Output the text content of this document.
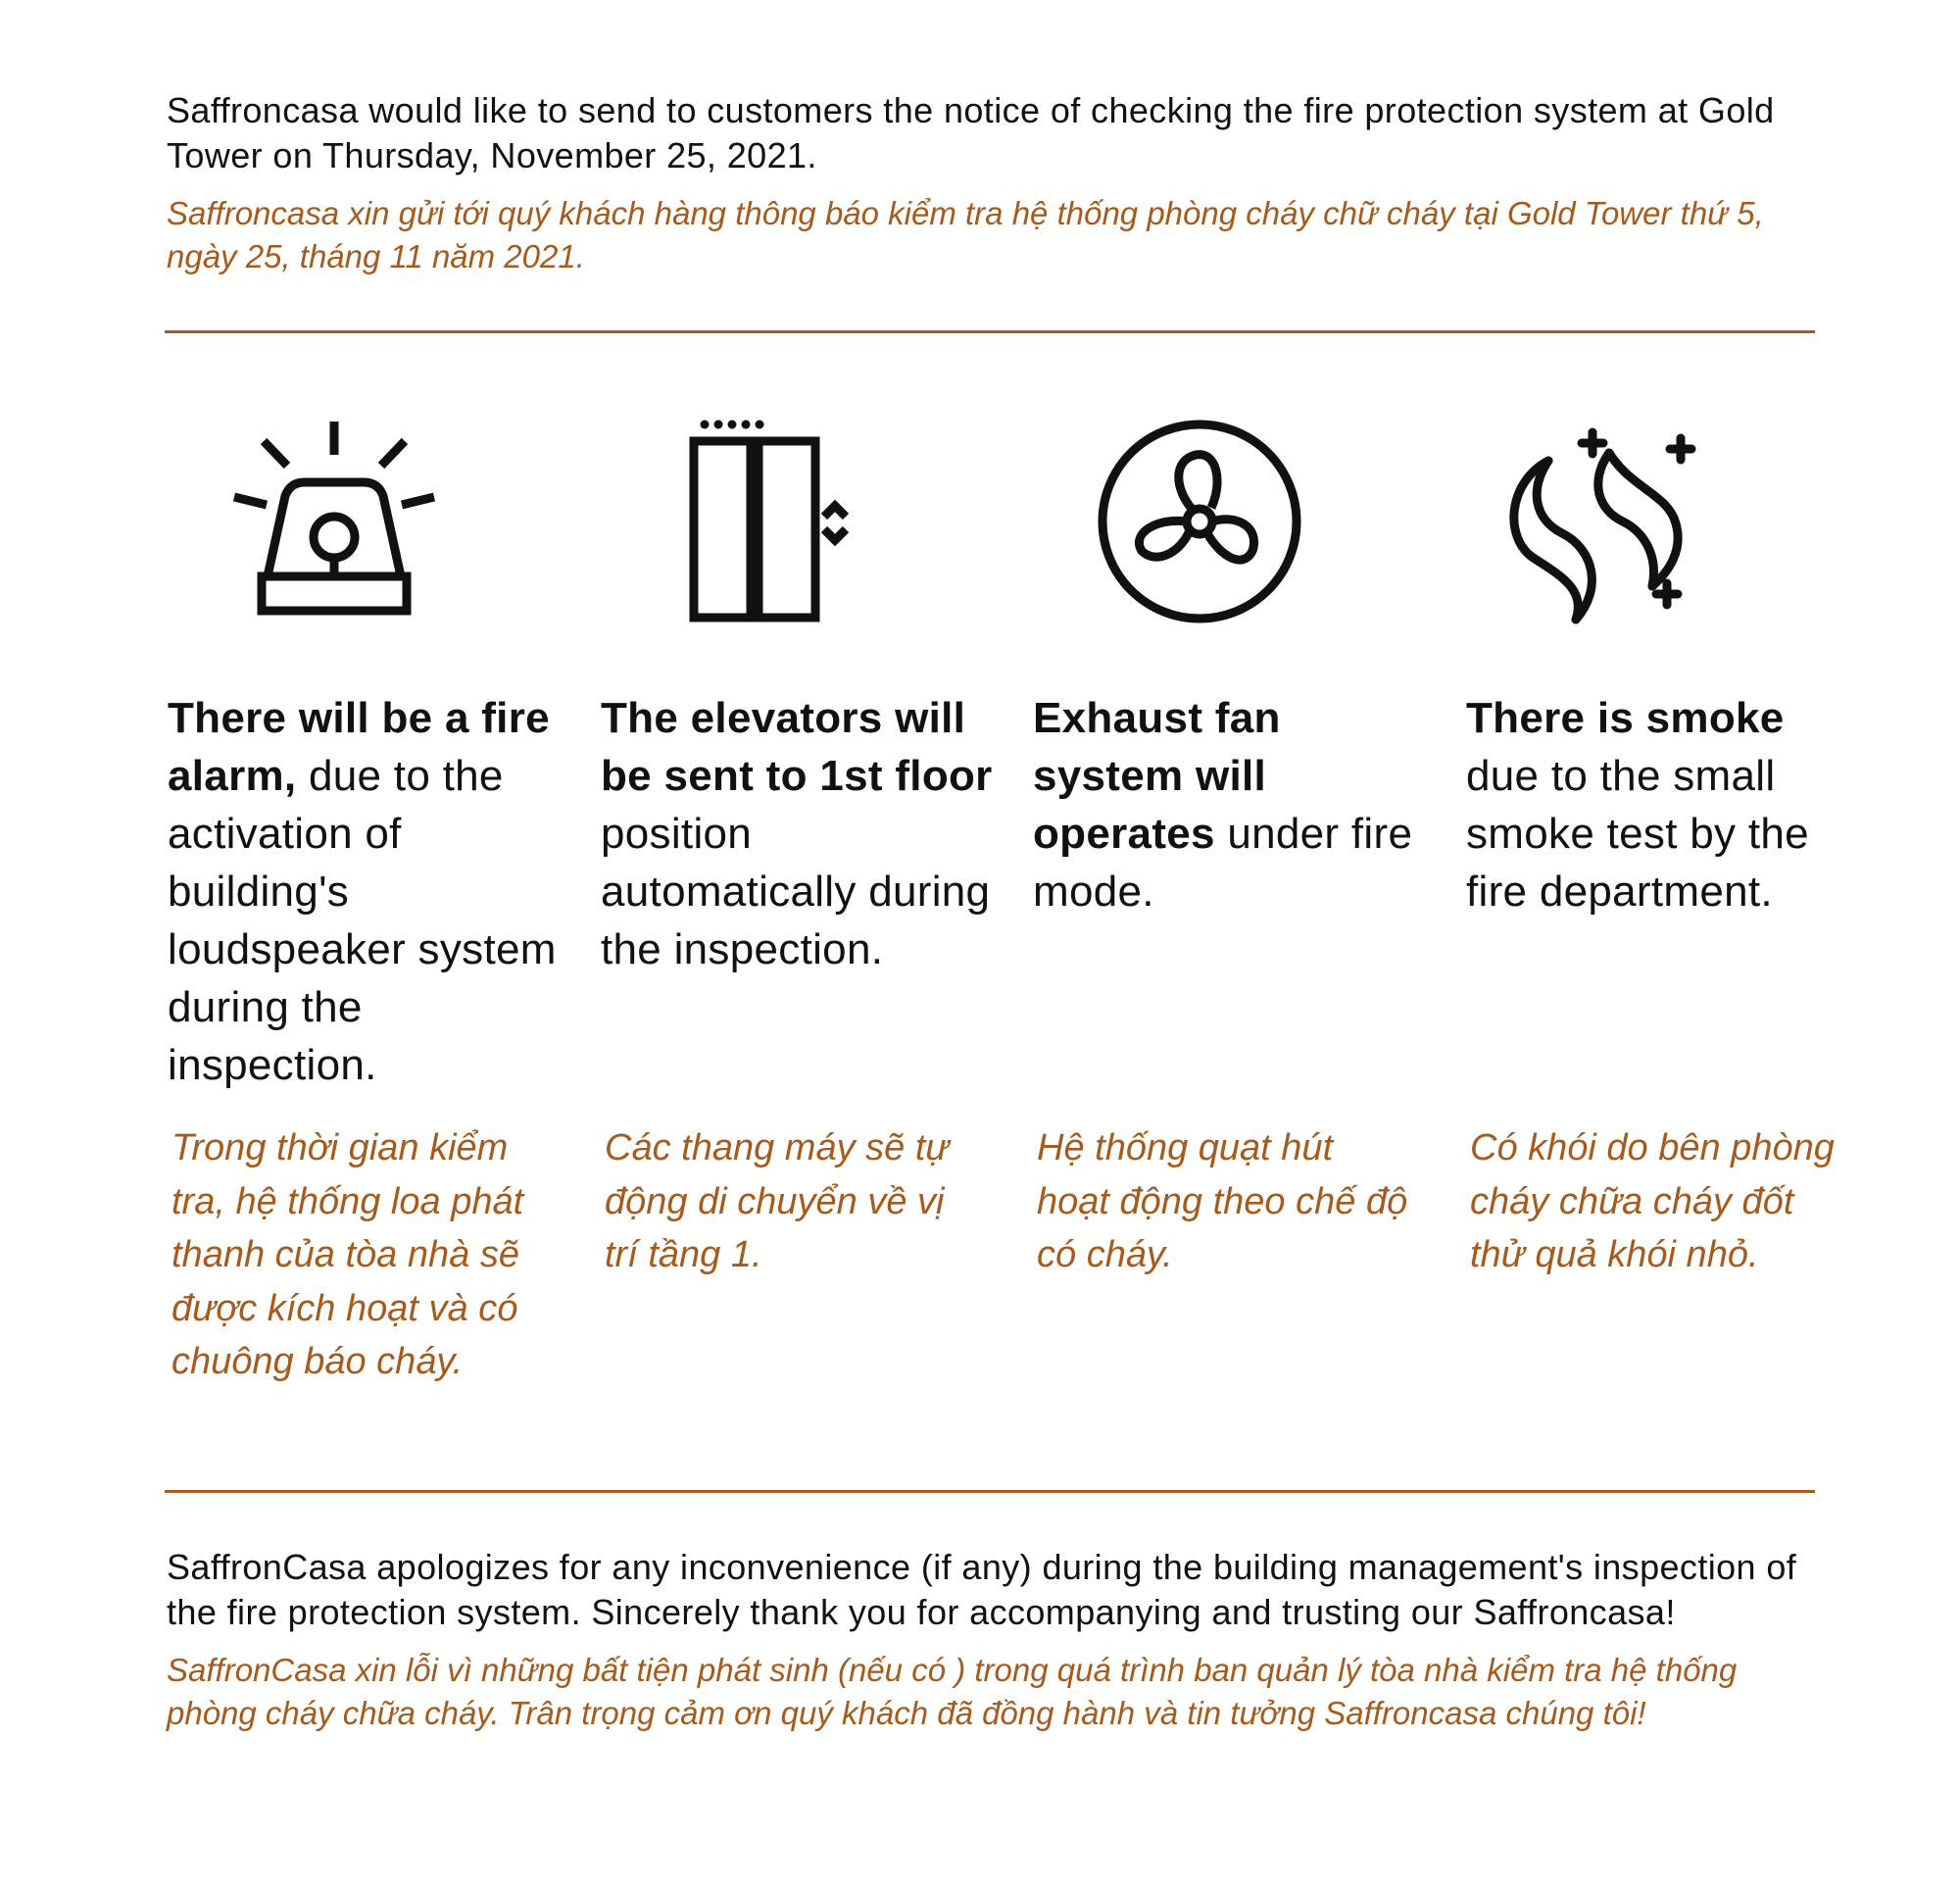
Saffroncasa would like to send to customers the notice of checking the fire protection system at Gold Tower on Thursday, November 25, 2021.

Saffroncasa xin gửi tới quý khách hàng thông báo kiểm tra hệ thống phòng cháy chữ cháy tại Gold Tower thứ 5, ngày 25, tháng 11 năm 2021.

There will be a fire alarm, due to the activation of building's loudspeaker system during the inspection.

Trong thời gian kiểm tra, hệ thống loa phát thanh của tòa nhà sẽ được kích hoạt và có chuông báo cháy.

The elevators will be sent to 1st floor position automatically during the inspection.

Các thang máy sẽ tự động di chuyển về vị trí tầng 1.

Exhaust fan system will operates under fire mode.

Hệ thống quạt hút hoạt động theo chế độ có cháy.

There is smoke due to the small smoke test by the fire department.

Có khói do bên phòng cháy chữa cháy đốt thử quả khói nhỏ.

SaffronCasa apologizes for any inconvenience (if any) during the building management's inspection of the fire protection system. Sincerely thank you for accompanying and trusting our Saffroncasa!

SaffronCasa xin lỗi vì những bất tiện phát sinh (nếu có ) trong quá trình ban quản lý tòa nhà kiểm tra hệ thống phòng cháy chữa cháy. Trân trọng cảm ơn quý khách đã đồng hành và tin tưởng Saffroncasa chúng tôi!
